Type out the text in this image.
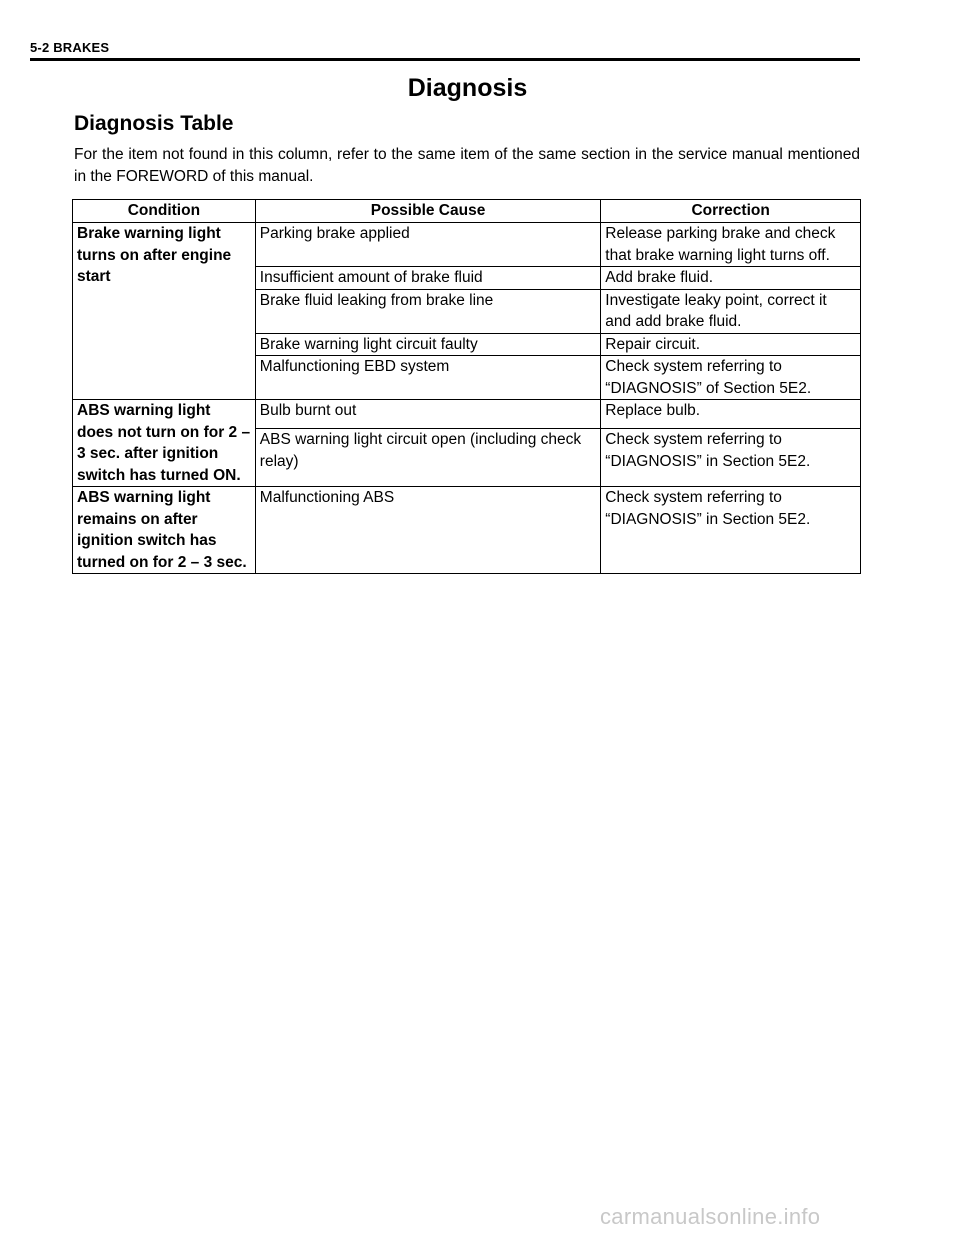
5-2 BRAKES
Diagnosis
Diagnosis Table

For the item not found in this column, refer to the same item of the same section in the service manual mentioned in the FOREWORD of this manual.

Condition	Possible Cause	Correction
Brake warning light turns on after engine start	Parking brake applied	Release parking brake and check that brake warning light turns off.
	Insufficient amount of brake fluid	Add brake fluid.
	Brake fluid leaking from brake line	Investigate leaky point, correct it and add brake fluid.
	Brake warning light circuit faulty	Repair circuit.
	Malfunctioning EBD system	Check system referring to “DIAGNOSIS” of Section 5E2.
ABS warning light does not turn on for 2 – 3 sec. after ignition switch has turned ON.	Bulb burnt out	Replace bulb.
	ABS warning light circuit open (including check relay)	Check system referring to “DIAGNOSIS” in Section 5E2.
ABS warning light remains on after ignition switch has turned on for 2 – 3 sec.	Malfunctioning ABS	Check system referring to “DIAGNOSIS” in Section 5E2.
carmanualsonline.info
